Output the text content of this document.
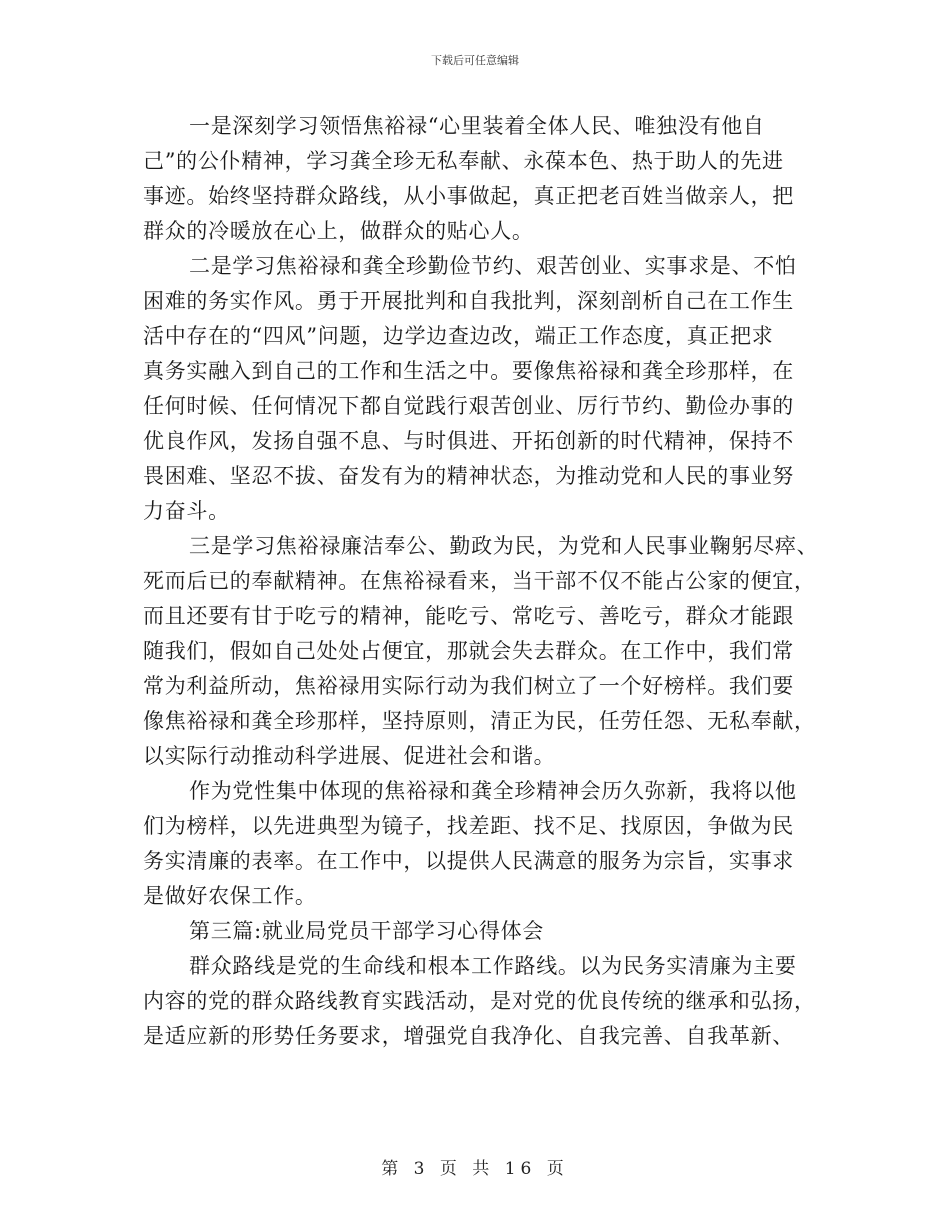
下载后可任意编辑
一是深刻学习领悟焦裕禄“心里装着全体人民、唯独没有他自
己”的公仆精神，学习龚全珍无私奉献、永葆本色、热于助人的先进
事迹。始终坚持群众路线，从小事做起，真正把老百姓当做亲人，把
群众的冷暖放在心上，做群众的贴心人。
二是学习焦裕禄和龚全珍勤俭节约、艰苦创业、实事求是、不怕
困难的务实作风。勇于开展批判和自我批判，深刻剖析自己在工作生
活中存在的“四风”问题，边学边查边改，端正工作态度，真正把求
真务实融入到自己的工作和生活之中。要像焦裕禄和龚全珍那样，在
任何时候、任何情况下都自觉践行艰苦创业、厉行节约、勤俭办事的
优良作风，发扬自强不息、与时俱进、开拓创新的时代精神，保持不
畏困难、坚忍不拔、奋发有为的精神状态，为推动党和人民的事业努
力奋斗。
三是学习焦裕禄廉洁奉公、勤政为民，为党和人民事业鞠躬尽瘁、
死而后已的奉献精神。在焦裕禄看来，当干部不仅不能占公家的便宜，
而且还要有甘于吃亏的精神，能吃亏、常吃亏、善吃亏，群众才能跟
随我们，假如自己处处占便宜，那就会失去群众。在工作中，我们常
常为利益所动，焦裕禄用实际行动为我们树立了一个好榜样。我们要
像焦裕禄和龚全珍那样，坚持原则，清正为民，任劳任怨、无私奉献，
以实际行动推动科学进展、促进社会和谐。
作为党性集中体现的焦裕禄和龚全珍精神会历久弥新，我将以他
们为榜样，以先进典型为镜子，找差距、找不足、找原因，争做为民
务实清廉的表率。在工作中，以提供人民满意的服务为宗旨，实事求
是做好农保工作。
第三篇:就业局党员干部学习心得体会
群众路线是党的生命线和根本工作路线。以为民务实清廉为主要
内容的党的群众路线教育实践活动，是对党的优良传统的继承和弘扬，
是适应新的形势任务要求，增强党自我净化、自我完善、自我革新、
第 3 页 共 16 页
